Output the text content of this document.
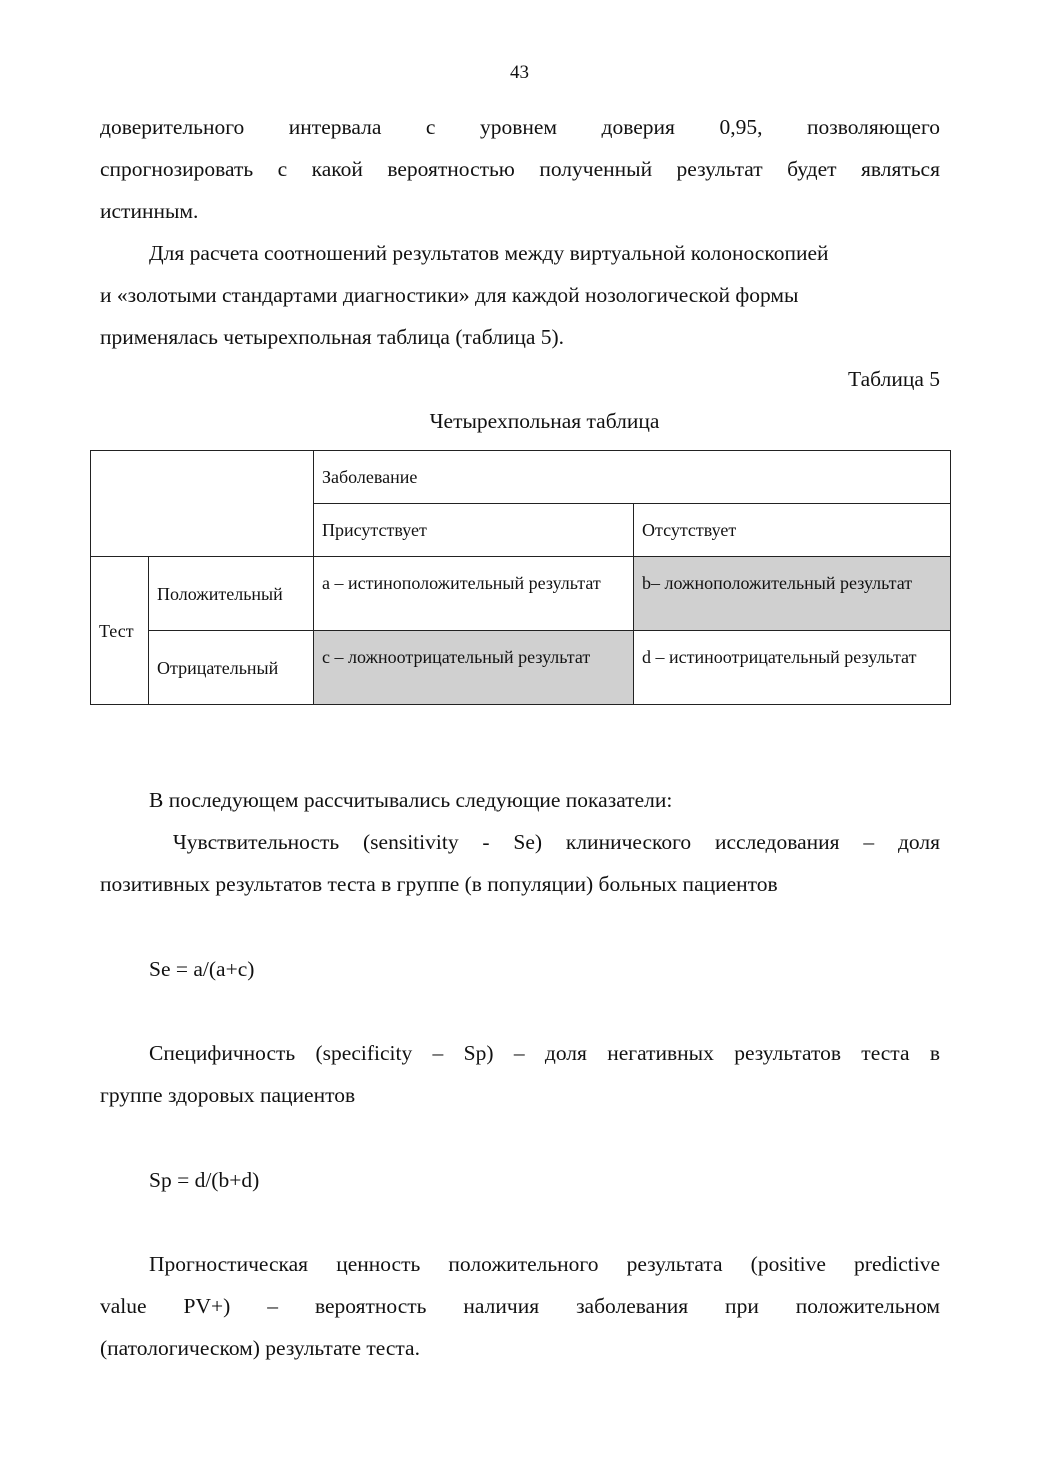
43
доверительного интервала с уровнем доверия 0,95, позволяющего
спрогнозировать с какой вероятностью полученный результат будет являться
истинным.
Для расчета соотношений результатов между виртуальной колоноскопией
и «золотыми стандартами диагностики» для каждой нозологической формы
применялась четырехпольная таблица (таблица 5).
Таблица 5
Четырехпольная таблица
		Заболевание	
		Присутствует	Отсутствует
Тест	Положительный	a – истиноположительный результат	b– ложноположительный результат
	Отрицательный	c – ложноотрицательный результат	d – истиноотрицательный результат
В последующем рассчитывались следующие показатели:
Чувствительность (sensitivity - Se) клинического исследования – доля
позитивных результатов теста в группе (в популяции) больных пациентов
Se = a/(a+c)
Специфичность (specificity – Sp) – доля негативных результатов теста в
группе здоровых пациентов
Sp = d/(b+d)
Прогностическая ценность положительного результата (positive predictive
value PV+) – вероятность наличия заболевания при положительном
(патологическом) результате теста.
